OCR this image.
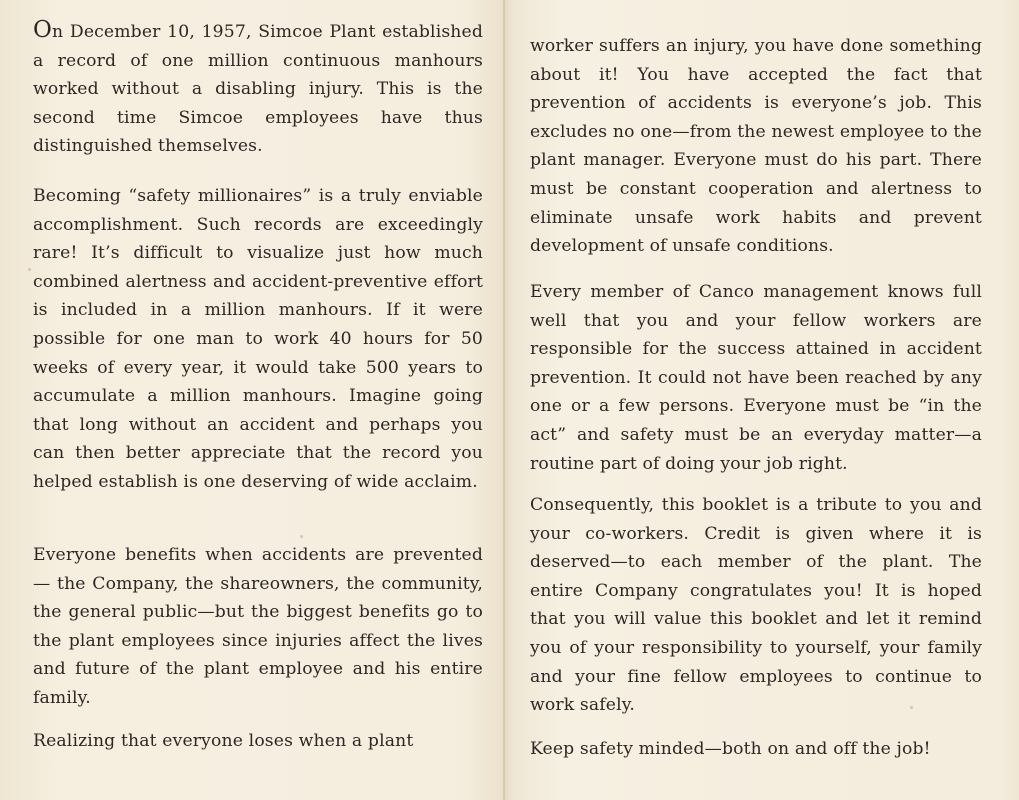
On December 10, 1957, Simcoe Plant established a record of one million continuous manhours worked without a disabling injury. This is the second time Simcoe employees have thus distinguished themselves.

Becoming “safety millionaires” is a truly enviable accomplishment. Such records are exceedingly rare! It’s difficult to visualize just how much combined alertness and accident-preventive effort is included in a million manhours. If it were possible for one man to work 40 hours for 50 weeks of every year, it would take 500 years to accumulate a million manhours. Imagine going that long without an accident and perhaps you can then better appreciate that the record you helped establish is one deserving of wide acclaim.

Everyone benefits when accidents are prevented — the Company, the shareowners, the community, the general public—but the biggest benefits go to the plant employees since injuries affect the lives and future of the plant employee and his entire family.

Realizing that everyone loses when a plant

worker suffers an injury, you have done something about it! You have accepted the fact that prevention of accidents is everyone’s job. This excludes no one—from the newest employee to the plant manager. Everyone must do his part. There must be constant cooperation and alertness to eliminate unsafe work habits and prevent development of unsafe conditions.

Every member of Canco management knows full well that you and your fellow workers are responsible for the success attained in accident prevention. It could not have been reached by any one or a few persons. Everyone must be “in the act” and safety must be an everyday matter—a routine part of doing your job right.

Consequently, this booklet is a tribute to you and your co-workers. Credit is given where it is deserved—to each member of the plant. The entire Company congratulates you! It is hoped that you will value this booklet and let it remind you of your responsibility to yourself, your family and your fine fellow employees to continue to work safely.

Keep safety minded—both on and off the job!
